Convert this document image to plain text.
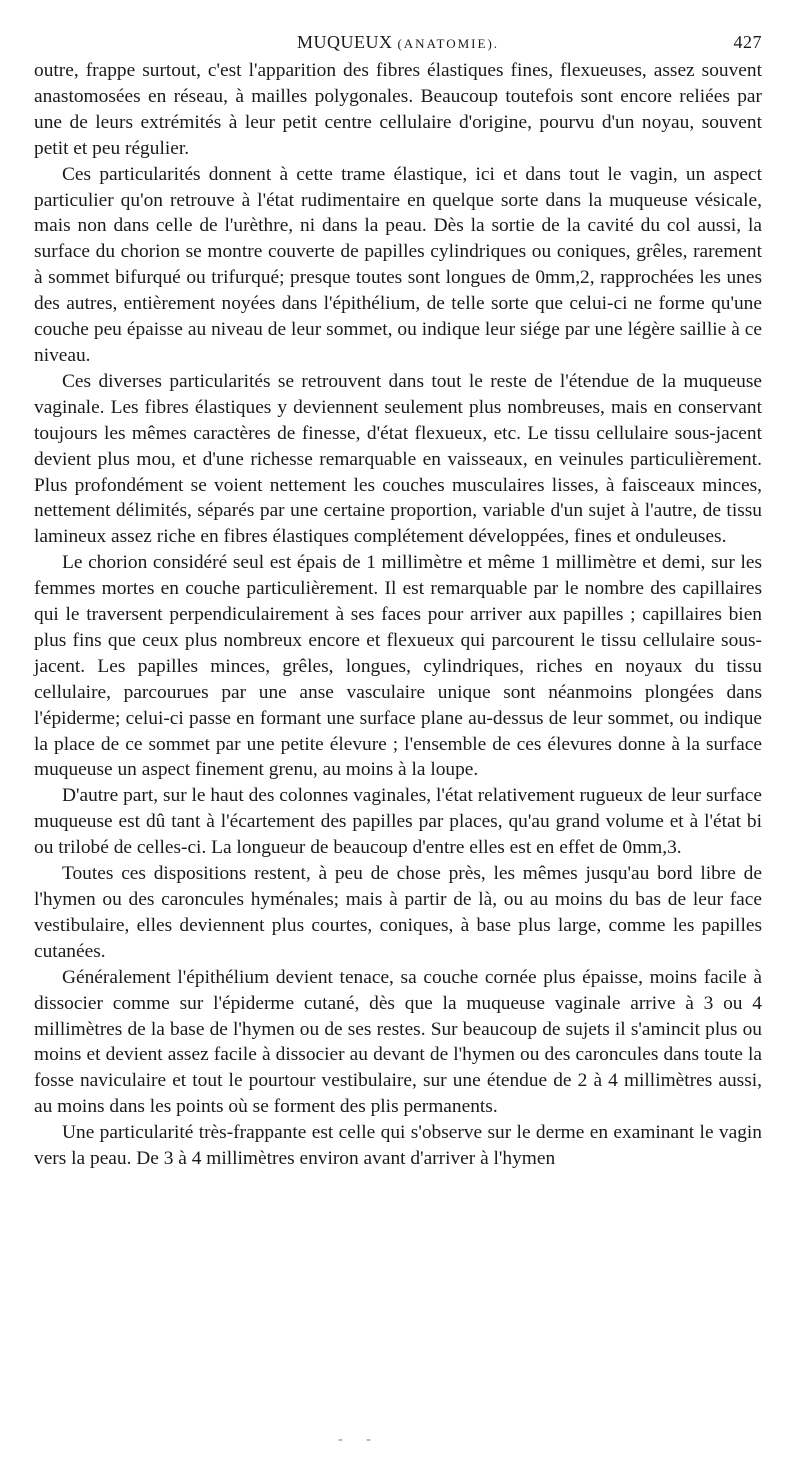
MUQUEUX (ANATOMIE).	427

outre, frappe surtout, c'est l'apparition des fibres élastiques fines, flexueuses, assez souvent anastomosées en réseau, à mailles polygonales. Beaucoup toutefois sont encore reliées par une de leurs extrémités à leur petit centre cellulaire d'origine, pourvu d'un noyau, souvent petit et peu régulier.

Ces particularités donnent à cette trame élastique, ici et dans tout le vagin, un aspect particulier qu'on retrouve à l'état rudimentaire en quelque sorte dans la muqueuse vésicale, mais non dans celle de l'urèthre, ni dans la peau. Dès la sortie de la cavité du col aussi, la surface du chorion se montre couverte de papilles cylindriques ou coniques, grêles, rarement à sommet bifurqué ou trifurqué; presque toutes sont longues de 0mm,2, rapprochées les unes des autres, entièrement noyées dans l'épithélium, de telle sorte que celui-ci ne forme qu'une couche peu épaisse au niveau de leur sommet, ou indique leur siége par une légère saillie à ce niveau.

Ces diverses particularités se retrouvent dans tout le reste de l'étendue de la muqueuse vaginale. Les fibres élastiques y deviennent seulement plus nombreuses, mais en conservant toujours les mêmes caractères de finesse, d'état flexueux, etc. Le tissu cellulaire sous-jacent devient plus mou, et d'une richesse remarquable en vaisseaux, en veinules particulièrement. Plus profondément se voient nettement les couches musculaires lisses, à faisceaux minces, nettement délimités, séparés par une certaine proportion, variable d'un sujet à l'autre, de tissu lamineux assez riche en fibres élastiques complétement développées, fines et onduleuses.

Le chorion considéré seul est épais de 1 millimètre et même 1 millimètre et demi, sur les femmes mortes en couche particulièrement. Il est remarquable par le nombre des capillaires qui le traversent perpendiculairement à ses faces pour arriver aux papilles ; capillaires bien plus fins que ceux plus nombreux encore et flexueux qui parcourent le tissu cellulaire sous-jacent. Les papilles minces, grêles, longues, cylindriques, riches en noyaux du tissu cellulaire, parcourues par une anse vasculaire unique sont néanmoins plongées dans l'épiderme; celui-ci passe en formant une surface plane au-dessus de leur sommet, ou indique la place de ce sommet par une petite élevure ; l'ensemble de ces élevures donne à la surface muqueuse un aspect finement grenu, au moins à la loupe.

D'autre part, sur le haut des colonnes vaginales, l'état relativement rugueux de leur surface muqueuse est dû tant à l'écartement des papilles par places, qu'au grand volume et à l'état bi ou trilobé de celles-ci. La longueur de beaucoup d'entre elles est en effet de 0mm,3.

Toutes ces dispositions restent, à peu de chose près, les mêmes jusqu'au bord libre de l'hymen ou des caroncules hyménales; mais à partir de là, ou au moins du bas de leur face vestibulaire, elles deviennent plus courtes, coniques, à base plus large, comme les papilles cutanées.

Généralement l'épithélium devient tenace, sa couche cornée plus épaisse, moins facile à dissocier comme sur l'épiderme cutané, dès que la muqueuse vaginale arrive à 3 ou 4 millimètres de la base de l'hymen ou de ses restes. Sur beaucoup de sujets il s'amincit plus ou moins et devient assez facile à dissocier au devant de l'hymen ou des caroncules dans toute la fosse naviculaire et tout le pourtour vestibulaire, sur une étendue de 2 à 4 millimètres aussi, au moins dans les points où se forment des plis permanents.

Une particularité très-frappante est celle qui s'observe sur le derme en examinant le vagin vers la peau. De 3 à 4 millimètres environ avant d'arriver à l'hymen

- -
